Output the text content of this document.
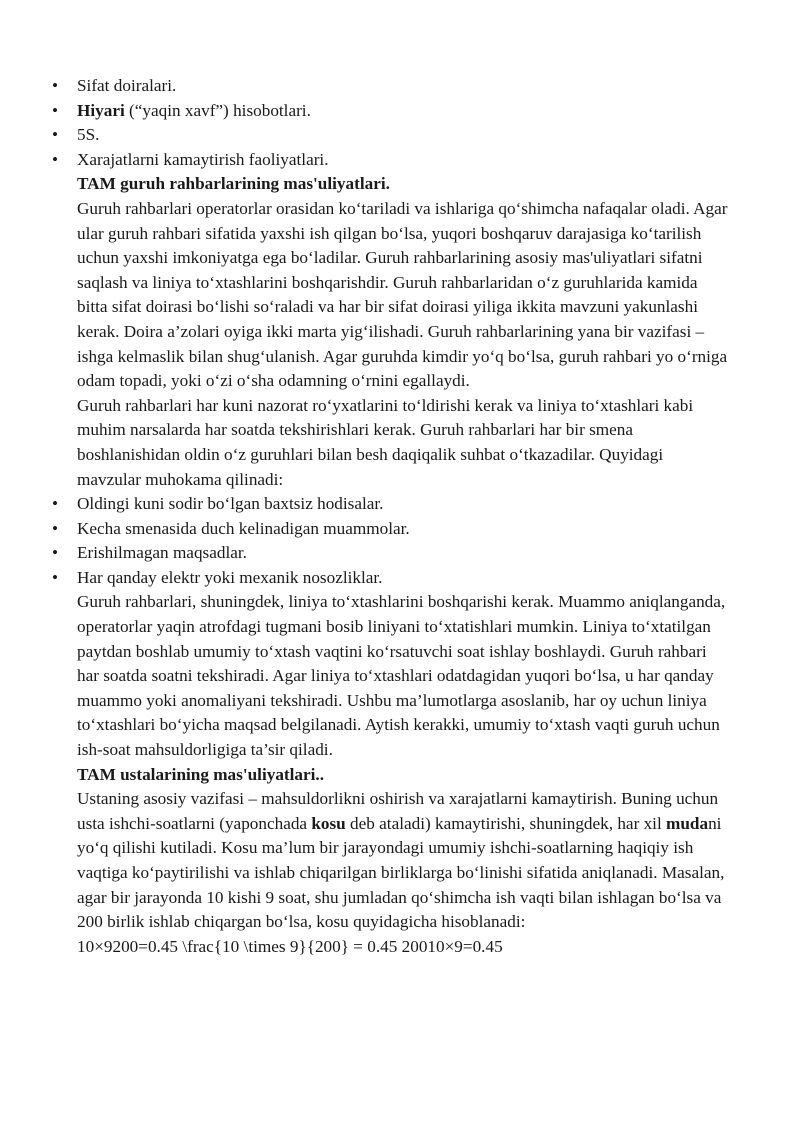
• Sifat doiralari.
• Hiyari (“yaqin xavf”) hisobotlari.
• 5S.
• Xarajatlarni kamaytirish faoliyatlari.

TAM guruh rahbarlarining mas'uliyatlari.

Guruh rahbarlari operatorlar orasidan koʻtariladi va ishlariga qoʻshimcha nafaqalar oladi. Agar ular guruh rahbari sifatida yaxshi ish qilgan boʻlsa, yuqori boshqaruv darajasiga koʻtarilish uchun yaxshi imkoniyatga ega boʻladilar. Guruh rahbarlarining asosiy mas'uliyatlari sifatni saqlash va liniya toʻxtashlarini boshqarishdir. Guruh rahbarlaridan oʻz guruhlarida kamida bitta sifat doirasi boʻlishi soʻraladi va har bir sifat doirasi yiliga ikkita mavzuni yakunlashi kerak. Doira a’zolari oyiga ikki marta yigʻilishadi. Guruh rahbarlarining yana bir vazifasi – ishga kelmaslik bilan shugʻulanish. Agar guruhda kimdir yoʻq boʻlsa, guruh rahbari yo oʻrniga odam topadi, yoki oʻzi oʻsha odamning oʻrnini egallaydi.

Guruh rahbarlari har kuni nazorat roʻyxatlarini toʻldirishi kerak va liniya toʻxtashlari kabi muhim narsalarda har soatda tekshirishlari kerak. Guruh rahbarlari har bir smena boshlanishidan oldin oʻz guruhlari bilan besh daqiqalik suhbat oʻtkazadilar. Quyidagi mavzular muhokama qilinadi:

• Oldingi kuni sodir boʻlgan baxtsiz hodisalar.
• Kecha smenasida duch kelinadigan muammolar.
• Erishilmagan maqsadlar.
• Har qanday elektr yoki mexanik nosozliklar.

Guruh rahbarlari, shuningdek, liniya toʻxtashlarini boshqarishi kerak. Muammo aniqlanganda, operatorlar yaqin atrofdagi tugmani bosib liniyani toʻxtatishlari mumkin. Liniya toʻxtatilgan paytdan boshlab umumiy toʻxtash vaqtini koʻrsatuvchi soat ishlay boshlaydi. Guruh rahbari har soatda soatni tekshiradi. Agar liniya toʻxtashlari odatdagidan yuqori boʻlsa, u har qanday muammo yoki anomaliyani tekshiradi. Ushbu ma’lumotlarga asoslanib, har oy uchun liniya toʻxtashlari boʻyicha maqsad belgilanadi. Aytish kerakki, umumiy toʻxtash vaqti guruh uchun ish-soat mahsuldorligiga ta’sir qiladi.

TAM ustalarining mas'uliyatlari..

Ustaning asosiy vazifasi – mahsuldorlikni oshirish va xarajatlarni kamaytirish. Buning uchun usta ishchi-soatlarni (yaponchada kosu deb ataladi) kamaytirishi, shuningdek, har xil mudani yoʻq qilishi kutiladi. Kosu ma’lum bir jarayondagi umumiy ishchi-soatlarning haqiqiy ish vaqtiga koʻpaytirilishi va ishlab chiqarilgan birliklarga boʻlinishi sifatida aniqlanadi. Masalan, agar bir jarayonda 10 kishi 9 soat, shu jumladan qoʻshimcha ish vaqti bilan ishlagan boʻlsa va 200 birlik ishlab chiqargan boʻlsa, kosu quyidagicha hisoblanadi:

10×9200=0.45 \frac{10 \times 9}{200} = 0.45 20010×9=0.45
